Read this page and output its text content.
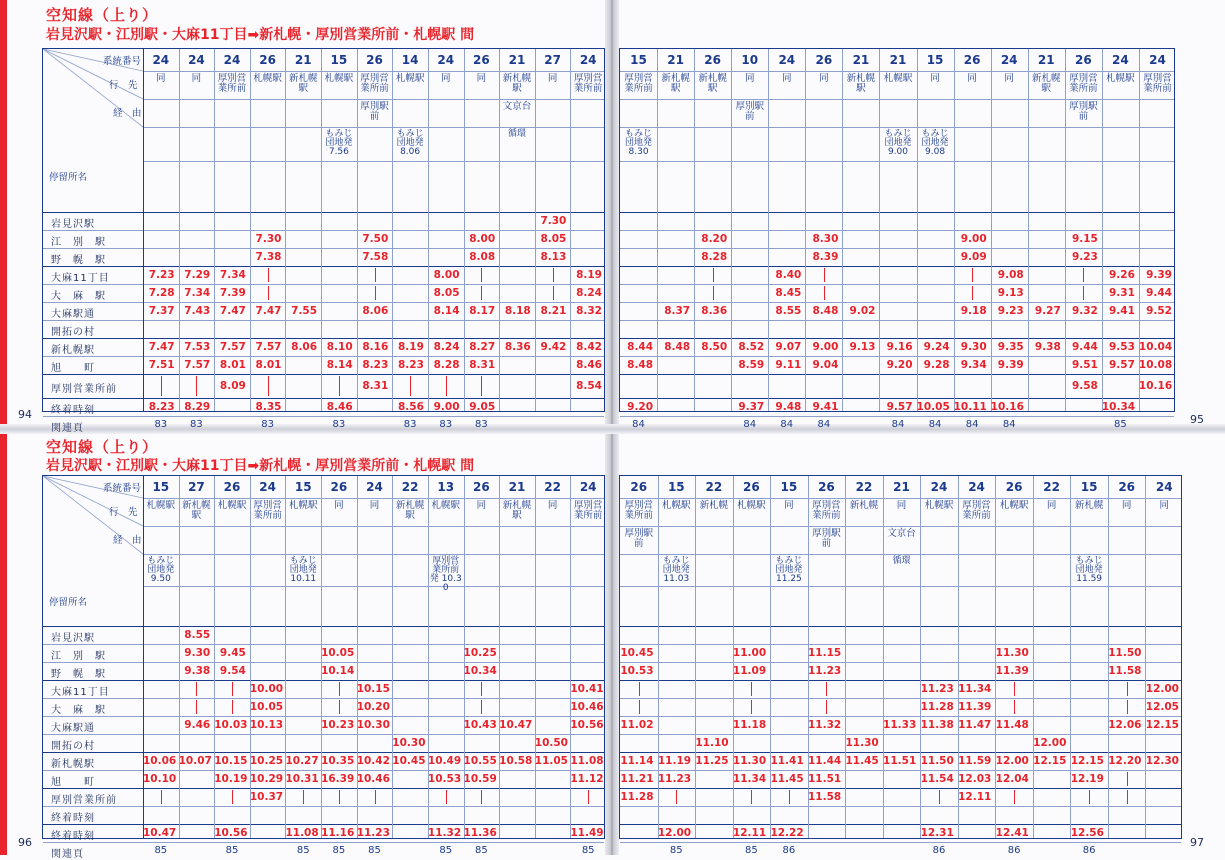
空知線（上り）
岩見沢駅・江別駅・大麻11丁目➡新札幌・厚別営業所前・札幌駅 間
空知線（上り）
岩見沢駅・江別駅・大麻11丁目➡新札幌・厚別営業所前・札幌駅 間
94	95
96	97
系統番号
行　先
経　由
停留所名
岩見沢駅
江　別　駅
野　幌　駅
大麻11丁目
大　麻　駅
大麻駅通
開拓の村
新札幌駅
旭　　町
厚別営業所前
終着時刻
関連頁
24
同
7.23
7.28
7.37
7.47
7.51
8.23
83
24
同
7.29
7.34
7.43
7.53
7.57
8.29
83
24
厚別営業所前
7.34
7.39
7.47
7.57
8.01
8.09
26
札幌駅
7.30
7.38
7.47
7.57
8.01
8.35
83
21
新札幌駅
7.55
8.06
15
札幌駅
もみじ団地発 7.56
8.10
8.14
8.46
83
26
厚別営業所前
厚別駅前
7.50
7.58
8.06
8.16
8.23
8.31
14
札幌駅
もみじ団地発 8.06
8.19
8.23
8.56
83
24
同
8.00
8.05
8.14
8.24
8.28
9.00
83
26
同
8.00
8.08
8.17
8.27
8.31
9.05
83
21
新札幌駅
文京台
循環
8.18
8.36
27
同
7.30
8.05
8.13
8.21
9.42
24
厚別営業所前
8.19
8.24
8.32
8.42
8.46
8.54
15
厚別営業所前
もみじ団地発 8.30
8.44
8.48
9.20
84
21
新札幌駅
8.37
8.48
26
新札幌駅
8.20
8.28
8.36
8.50
10
同
厚別駅前
8.52
8.59
9.37
84
24
同
8.40
8.45
8.55
9.07
9.11
9.48
84
26
同
8.30
8.39
8.48
9.00
9.04
9.41
84
21
新札幌駅
9.02
9.13
21
札幌駅
もみじ団地発 9.00
9.16
9.20
9.57
84
15
同
もみじ団地発 9.08
9.24
9.28
10.05
84
26
同
9.00
9.09
9.18
9.30
9.34
10.11
84
24
同
9.08
9.13
9.23
9.35
9.39
10.16
84
21
新札幌駅
9.27
9.38
26
厚別営業所前
厚別駅前
9.15
9.23
9.32
9.44
9.51
9.58
24
札幌駅
9.26
9.31
9.41
9.53
9.57
10.34
85
24
厚別営業所前
9.39
9.44
9.52
10.04
10.08
10.16
系統番号
行　先
経　由
停留所名
岩見沢駅
江　別　駅
野　幌　駅
大麻11丁目
大　麻　駅
大麻駅通
開拓の村
新札幌駅
旭　　町
厚別営業所前
終着時刻
終着時刻
関連頁
15
札幌駅
もみじ団地発 9.50
10.06
10.10
10.47
85
27
新札幌駅
8.55
9.30
9.38
9.46
10.07
26
札幌駅
9.45
9.54
10.03
10.15
10.19
10.56
85
24
厚別営業所前
10.00
10.05
10.13
10.25
10.29
10.37
15
札幌駅
もみじ団地発 10.11
10.27
10.31
11.08
85
26
同
10.05
10.14
10.23
10.35
16.39
11.16
85
24
同
10.15
10.20
10.30
10.42
10.46
11.23
85
22
新札幌駅
10.30
10.45
13
札幌駅
厚別営業所前発 10.30
10.49
10.53
11.32
85
26
同
10.25
10.34
10.43
10.55
10.59
11.36
85
21
新札幌駅
10.47
10.58
22
同
10.50
11.05
24
厚別営業所前
10.41
10.46
10.56
11.08
11.12
11.49
85
26
厚別営業所前
厚別駅前
10.45
10.53
11.02
11.14
11.21
11.28
15
札幌駅
もみじ団地発 11.03
11.19
11.23
12.00
85
22
新札幌
11.10
11.25
26
札幌駅
11.00
11.09
11.18
11.30
11.34
12.11
85
15
同
もみじ団地発 11.25
11.41
11.45
12.22
86
26
厚別営業所前
厚別駅前
11.15
11.23
11.32
11.44
11.51
11.58
22
新札幌
11.30
11.45
21
同
文京台
循環
11.33
11.51
24
札幌駅
11.23
11.28
11.38
11.50
11.54
12.31
86
24
厚別営業所前
11.34
11.39
11.47
11.59
12.03
12.11
26
札幌駅
11.30
11.39
11.48
12.00
12.04
12.41
86
22
同
12.00
12.15
15
新札幌
もみじ団地発 11.59
12.15
12.19
12.56
86
26
同
11.50
11.58
12.06
12.20
24
同
12.00
12.05
12.15
12.30
